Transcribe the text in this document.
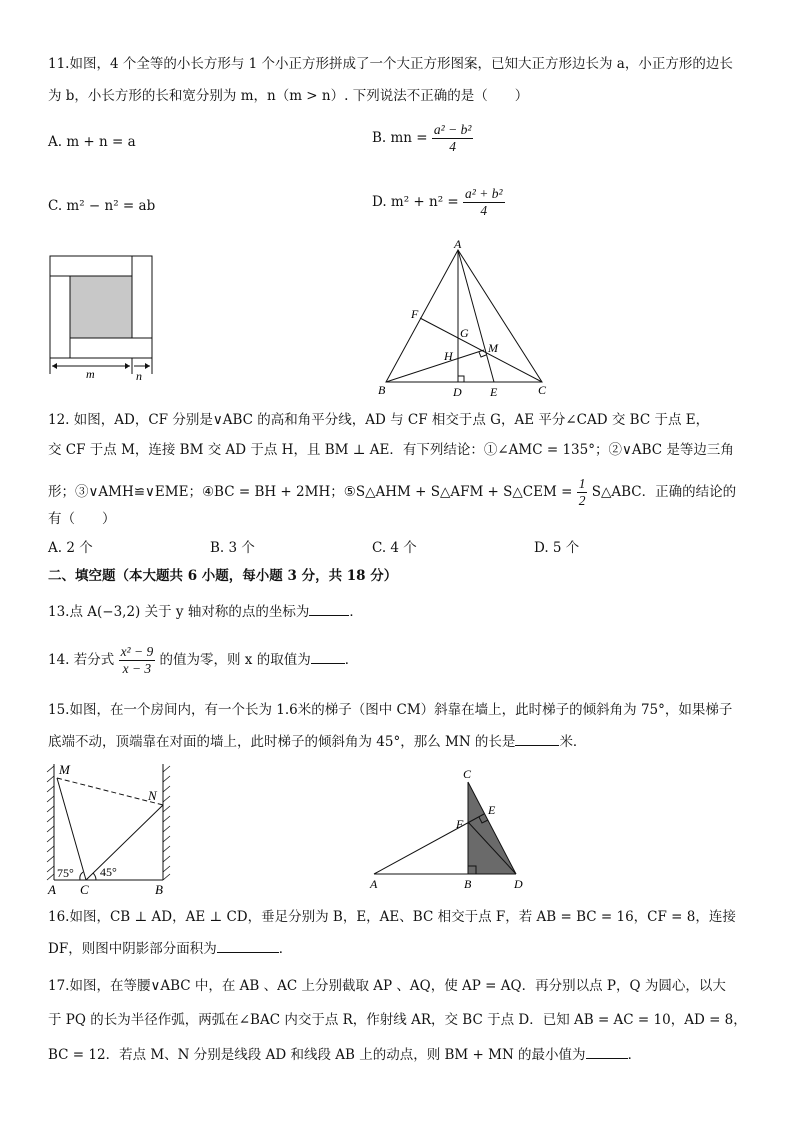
11.如图，4 个全等的小长方形与 1 个小正方形拼成了一个大正方形图案，已知大正方形边长为 a，小正方形的边长
为 b，小长方形的长和宽分别为 m，n（m > n）. 下列说法不正确的是（　　）
A. m + n = a	B. mn = $\frac{\text{a² − b²}}{4}$
C. m² − n² = ab	D. $m^2 + n^2 = \frac{\text{a² + b²}}{4}$
m	n
A
B	C
D E
F
G
H
M
12. 如图，AD，CF 分别是∨ABC 的高和角平分线，AD 与 CF 相交于点 G，AE 平分∠CAD 交 BC 于点 E，
交 CF 于点 M，连接 BM 交 AD 于点 H，且 BM ⊥ AE．有下列结论：①∠AMC = 135°；②∨ABC 是等边三角
形；③∨AMH≌∨EME；④BC = BH + 2MH；⑤S△AHM + S△AFM + S△CEM = $\frac{1}{2}$ S△ABC．正确的结论的有（　　）
A. 2 个	B. 3 个	C. 4 个	D. 5 个
二、填空题（本大题共 6 小题，每小题 3 分，共 18 分）
13.点 A(−3,2) 关于 y 轴对称的点的坐标为	．
14. 若分式 $\frac{\text{x² − 9}}{x - 3}$ 的值为零，则 x 的取值为	．
15.如图，在一个房间内，有一个长为 1.6米的梯子（图中 CM）斜靠在墙上，此时梯子的倾斜角为 75°，如果梯子
底端不动，顶端靠在对面的墙上，此时梯子的倾斜角为 45°，那么 MN 的长是	米．
M
N
A C	B
75° 45°
C
E
F
A	B	D
16.如图，CB ⊥ AD，AE ⊥ CD，垂足分别为 B，E，AE、BC 相交于点 F，若 AB = BC = 16，CF = 8，连接
DF，则图中阴影部分面积为	．
17.如图，在等腰∨ABC 中，在 AB 、AC 上分别截取 AP 、AQ，使 AP = AQ．再分别以点 P，Q 为圆心，以大
于 PQ 的长为半径作弧，两弧在∠BAC 内交于点 R，作射线 AR，交 BC 于点 D．已知 AB = AC = 10，AD = 8，
BC = 12．若点 M、N 分别是线段 AD 和线段 AB 上的动点，则 BM + MN 的最小值为	．
